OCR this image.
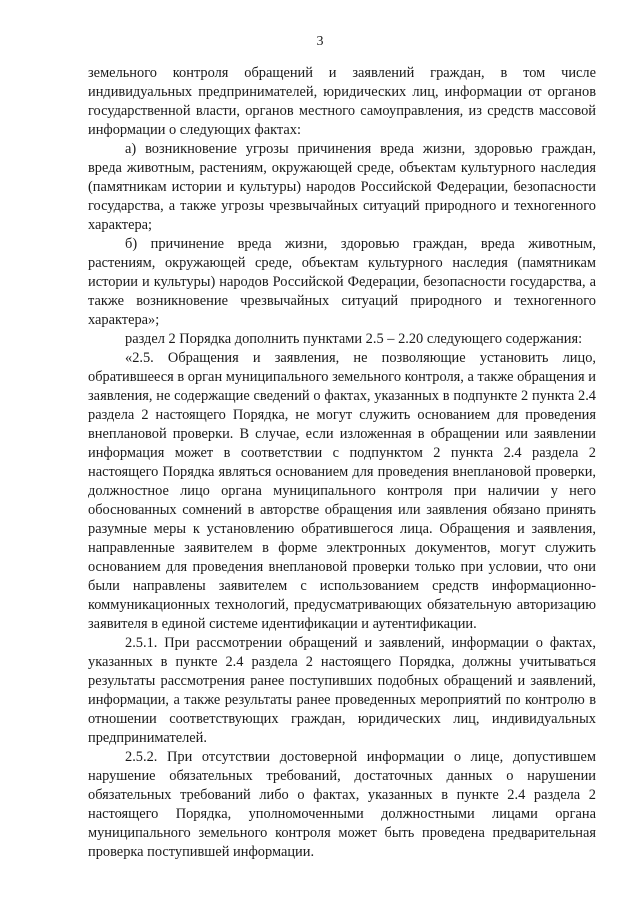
3

земельного контроля обращений и заявлений граждан, в том числе индивидуальных предпринимателей, юридических лиц, информации от органов государственной власти, органов местного самоуправления, из средств массовой информации о следующих фактах:

а) возникновение угрозы причинения вреда жизни, здоровью граждан, вреда животным, растениям, окружающей среде, объектам культурного наследия (памятникам истории и культуры) народов Российской Федерации, безопасности государства, а также угрозы чрезвычайных ситуаций природного и техногенного характера;

б) причинение вреда жизни, здоровью граждан, вреда животным, растениям, окружающей среде, объектам культурного наследия (памятникам истории и культуры) народов Российской Федерации, безопасности государства, а также возникновение чрезвычайных ситуаций природного и техногенного характера»;

раздел 2 Порядка дополнить пунктами 2.5 – 2.20 следующего содержания:

«2.5. Обращения и заявления, не позволяющие установить лицо, обратившееся в орган муниципального земельного контроля, а также обращения и заявления, не содержащие сведений о фактах, указанных в подпункте 2 пункта 2.4 раздела 2 настоящего Порядка, не могут служить основанием для проведения внеплановой проверки. В случае, если изложенная в обращении или заявлении информация может в соответствии с подпунктом 2 пункта 2.4 раздела 2 настоящего Порядка являться основанием для проведения внеплановой проверки, должностное лицо органа муниципального контроля при наличии у него обоснованных сомнений в авторстве обращения или заявления обязано принять разумные меры к установлению обратившегося лица. Обращения и заявления, направленные заявителем в форме электронных документов, могут служить основанием для проведения внеплановой проверки только при условии, что они были направлены заявителем с использованием средств информационно-коммуникационных технологий, предусматривающих обязательную авторизацию заявителя в единой системе идентификации и аутентификации.

2.5.1. При рассмотрении обращений и заявлений, информации о фактах, указанных в пункте 2.4 раздела 2 настоящего Порядка, должны учитываться результаты рассмотрения ранее поступивших подобных обращений и заявлений, информации, а также результаты ранее проведенных мероприятий по контролю в отношении соответствующих граждан, юридических лиц, индивидуальных предпринимателей.

2.5.2. При отсутствии достоверной информации о лице, допустившем нарушение обязательных требований, достаточных данных о нарушении обязательных требований либо о фактах, указанных в пункте 2.4 раздела 2 настоящего Порядка, уполномоченными должностными лицами органа муниципального земельного контроля может быть проведена предварительная проверка поступившей информации.
